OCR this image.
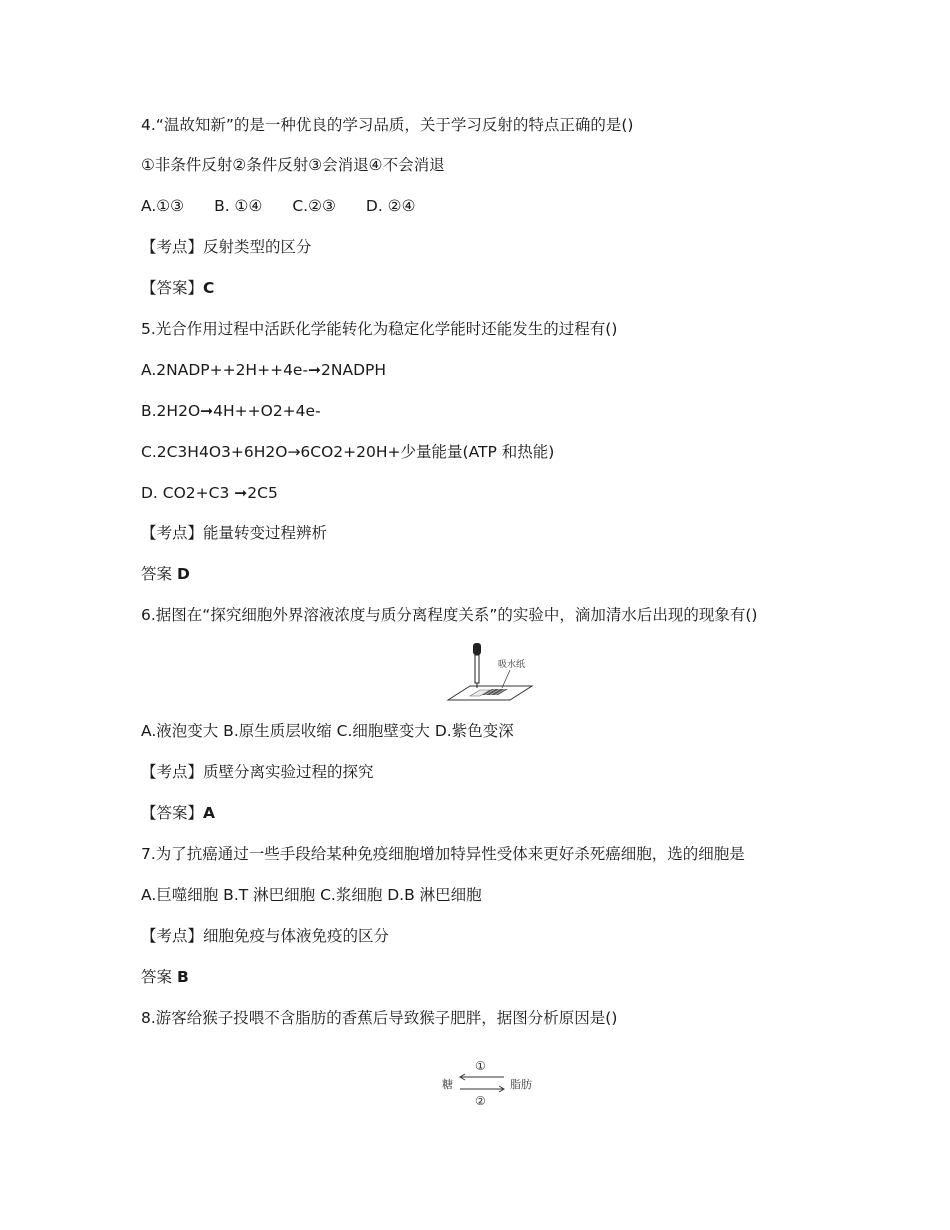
4.“温故知新”的是一种优良的学习品质，关于学习反射的特点正确的是()
①非条件反射②条件反射③会消退④不会消退
A.①③ B. ①④ C.②③ D. ②④
【考点】反射类型的区分
【答案】C
5.光合作用过程中活跃化学能转化为稳定化学能时还能发生的过程有()
A.2NADP++2H++4e-➞2NADPH
B.2H2O➞4H++O2+4e-
C.2C3H4O3+6H2O→6CO2+20H+少量能量(ATP 和热能)
D. CO2+C3 ➞2C5
【考点】能量转变过程辨析
答案 D
6.据图在“探究细胞外界溶液浓度与质分离程度关系”的实验中，滴加清水后出现的现象有()
吸水纸
A.液泡变大 B.原生质层收缩 C.细胞壁变大 D.紫色变深
【考点】质壁分离实验过程的探究
【答案】A
7.为了抗癌通过一些手段给某种免疫细胞增加特异性受体来更好杀死癌细胞，选的细胞是
A.巨噬细胞 B.T 淋巴细胞 C.浆细胞 D.B 淋巴细胞
【考点】细胞免疫与体液免疫的区分
答案 B
8.游客给猴子投喂不含脂肪的香蕉后导致猴子肥胖，据图分析原因是()
糖	脂肪
①
②
